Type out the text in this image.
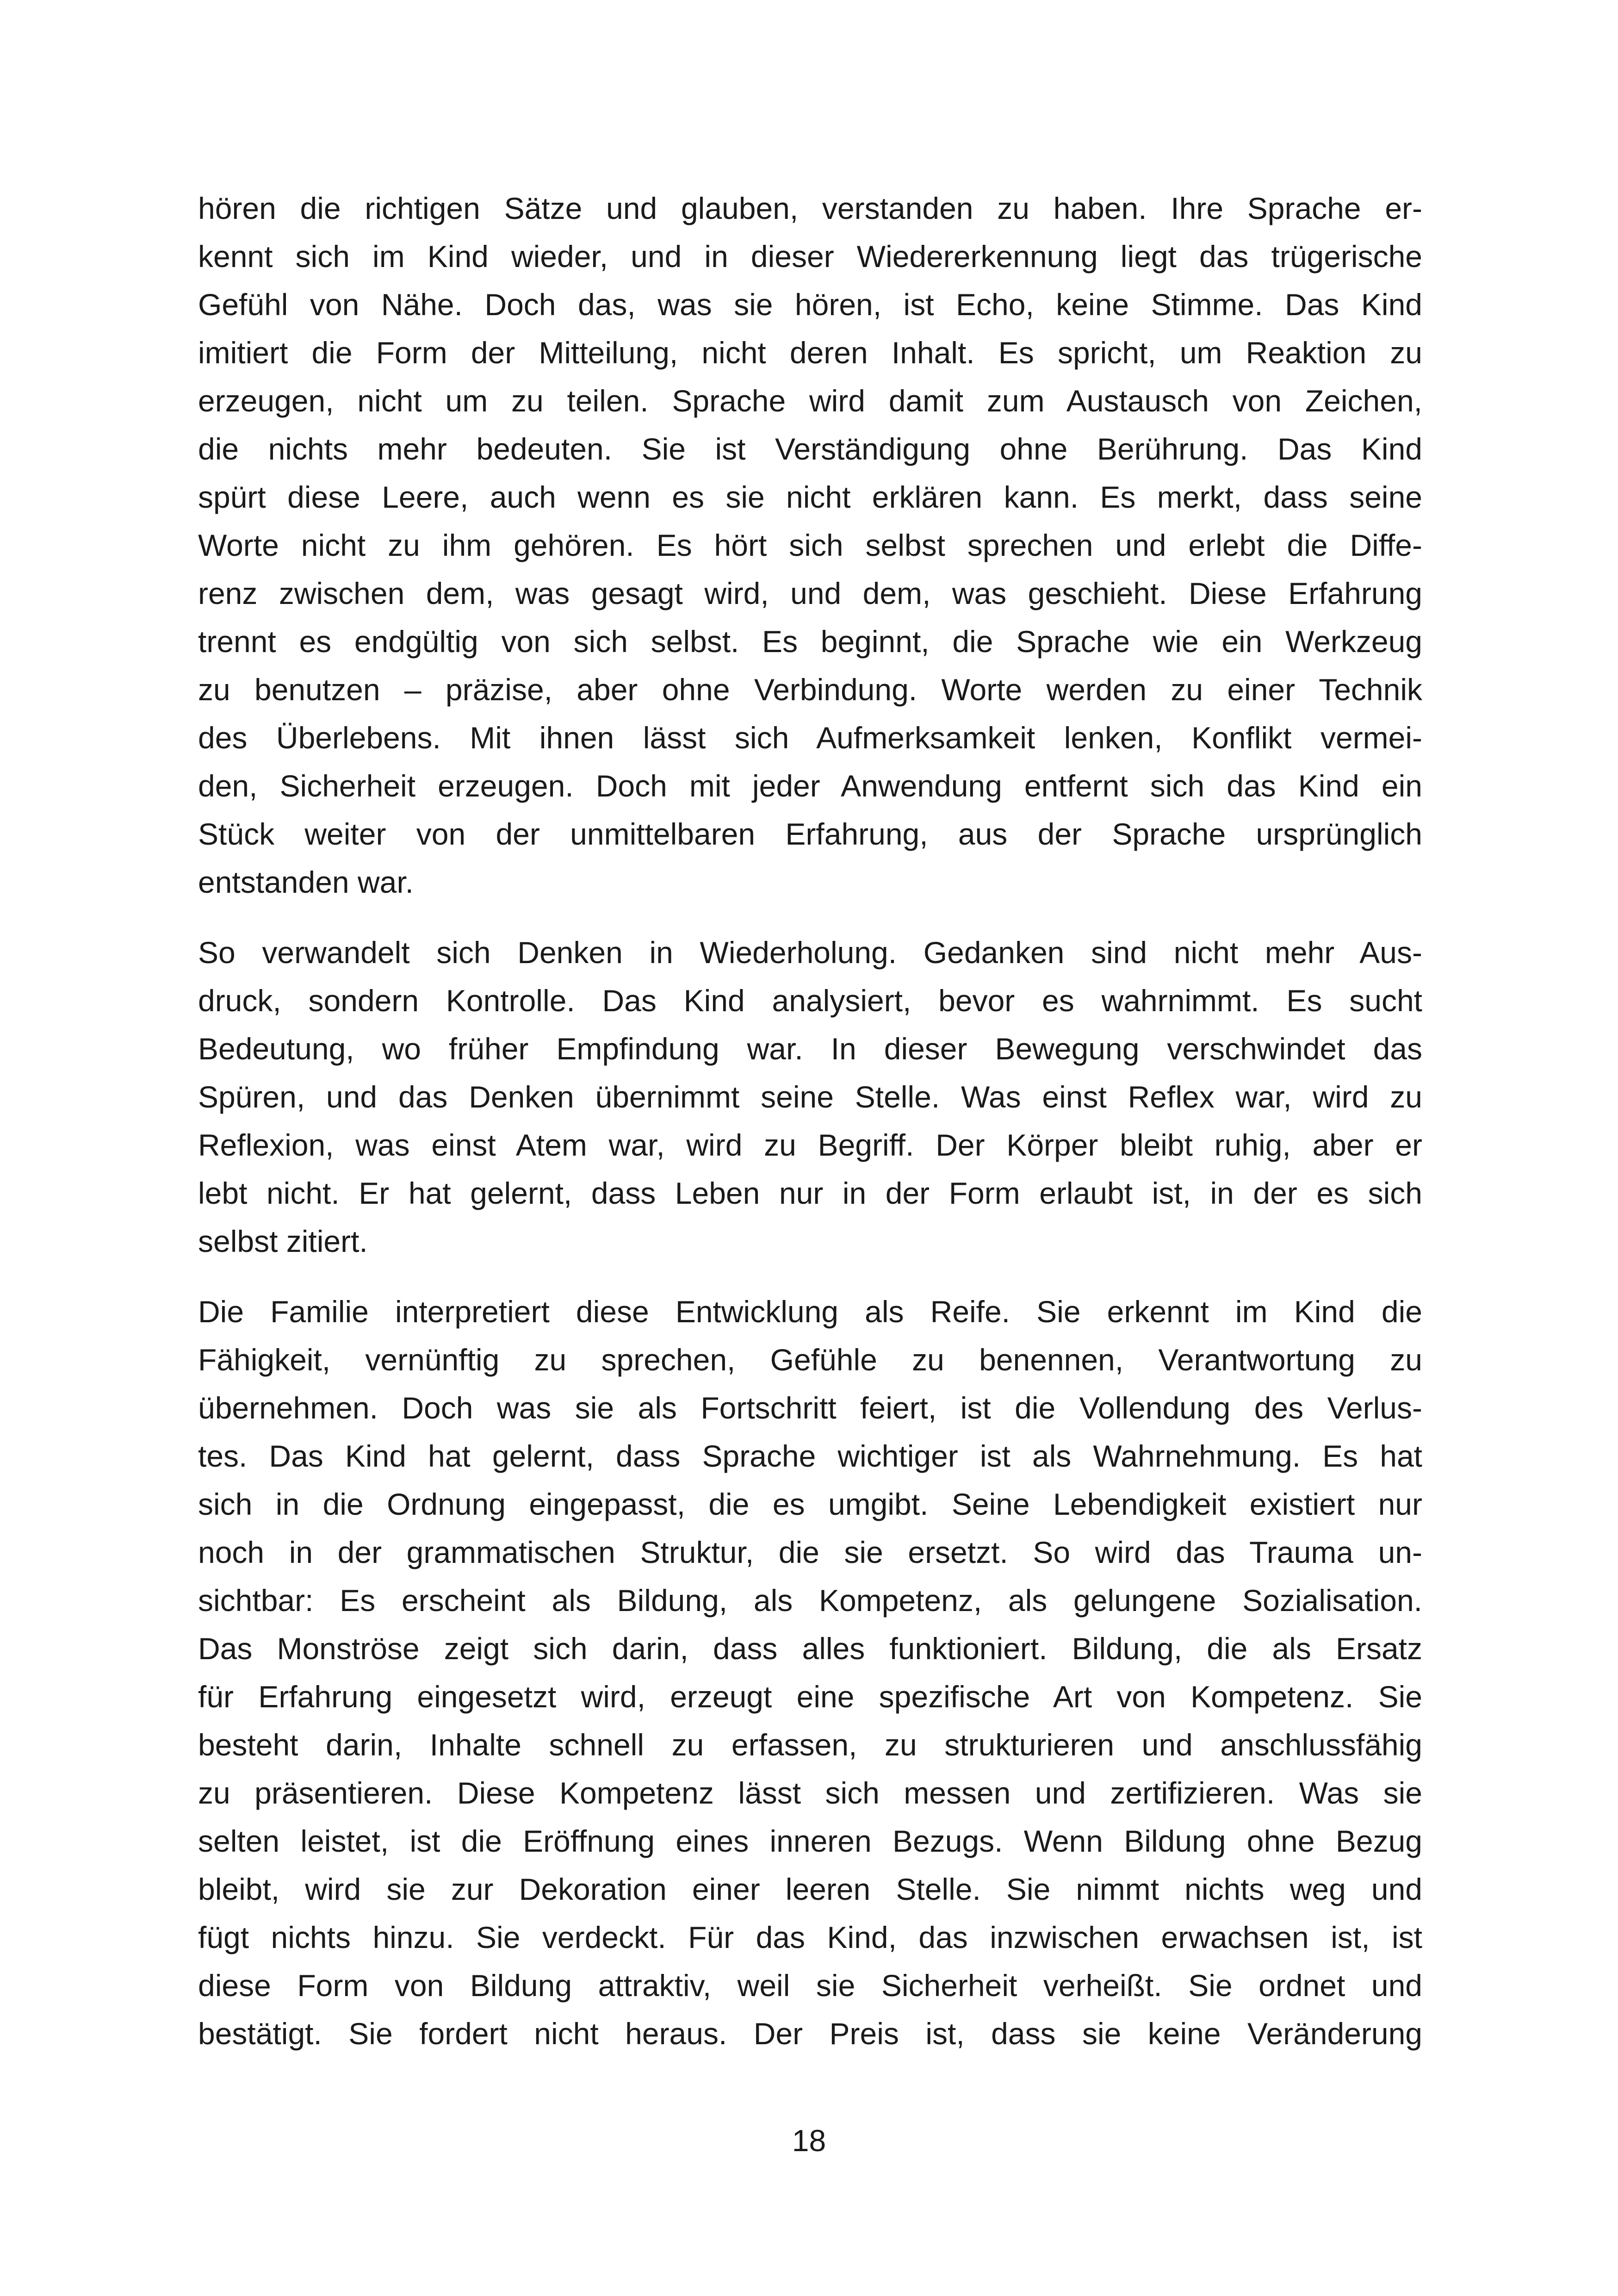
hören die richtigen Sätze und glauben, verstanden zu haben. Ihre Sprache er-
kennt sich im Kind wieder, und in dieser Wiedererkennung liegt das trügerische
Gefühl von Nähe. Doch das, was sie hören, ist Echo, keine Stimme. Das Kind
imitiert die Form der Mitteilung, nicht deren Inhalt. Es spricht, um Reaktion zu
erzeugen, nicht um zu teilen. Sprache wird damit zum Austausch von Zeichen,
die nichts mehr bedeuten. Sie ist Verständigung ohne Berührung. Das Kind
spürt diese Leere, auch wenn es sie nicht erklären kann. Es merkt, dass seine
Worte nicht zu ihm gehören. Es hört sich selbst sprechen und erlebt die Diffe-
renz zwischen dem, was gesagt wird, und dem, was geschieht. Diese Erfahrung
trennt es endgültig von sich selbst. Es beginnt, die Sprache wie ein Werkzeug
zu benutzen – präzise, aber ohne Verbindung. Worte werden zu einer Technik
des Überlebens. Mit ihnen lässt sich Aufmerksamkeit lenken, Konflikt vermei-
den, Sicherheit erzeugen. Doch mit jeder Anwendung entfernt sich das Kind ein
Stück weiter von der unmittelbaren Erfahrung, aus der Sprache ursprünglich
entstanden war.
So verwandelt sich Denken in Wiederholung. Gedanken sind nicht mehr Aus-
druck, sondern Kontrolle. Das Kind analysiert, bevor es wahrnimmt. Es sucht
Bedeutung, wo früher Empfindung war. In dieser Bewegung verschwindet das
Spüren, und das Denken übernimmt seine Stelle. Was einst Reflex war, wird zu
Reflexion, was einst Atem war, wird zu Begriff. Der Körper bleibt ruhig, aber er
lebt nicht. Er hat gelernt, dass Leben nur in der Form erlaubt ist, in der es sich
selbst zitiert.
Die Familie interpretiert diese Entwicklung als Reife. Sie erkennt im Kind die
Fähigkeit, vernünftig zu sprechen, Gefühle zu benennen, Verantwortung zu
übernehmen. Doch was sie als Fortschritt feiert, ist die Vollendung des Verlus-
tes. Das Kind hat gelernt, dass Sprache wichtiger ist als Wahrnehmung. Es hat
sich in die Ordnung eingepasst, die es umgibt. Seine Lebendigkeit existiert nur
noch in der grammatischen Struktur, die sie ersetzt. So wird das Trauma un-
sichtbar: Es erscheint als Bildung, als Kompetenz, als gelungene Sozialisation.
Das Monströse zeigt sich darin, dass alles funktioniert. Bildung, die als Ersatz
für Erfahrung eingesetzt wird, erzeugt eine spezifische Art von Kompetenz. Sie
besteht darin, Inhalte schnell zu erfassen, zu strukturieren und anschlussfähig
zu präsentieren. Diese Kompetenz lässt sich messen und zertifizieren. Was sie
selten leistet, ist die Eröffnung eines inneren Bezugs. Wenn Bildung ohne Bezug
bleibt, wird sie zur Dekoration einer leeren Stelle. Sie nimmt nichts weg und
fügt nichts hinzu. Sie verdeckt. Für das Kind, das inzwischen erwachsen ist, ist
diese Form von Bildung attraktiv, weil sie Sicherheit verheißt. Sie ordnet und
bestätigt. Sie fordert nicht heraus. Der Preis ist, dass sie keine Veränderung
18
